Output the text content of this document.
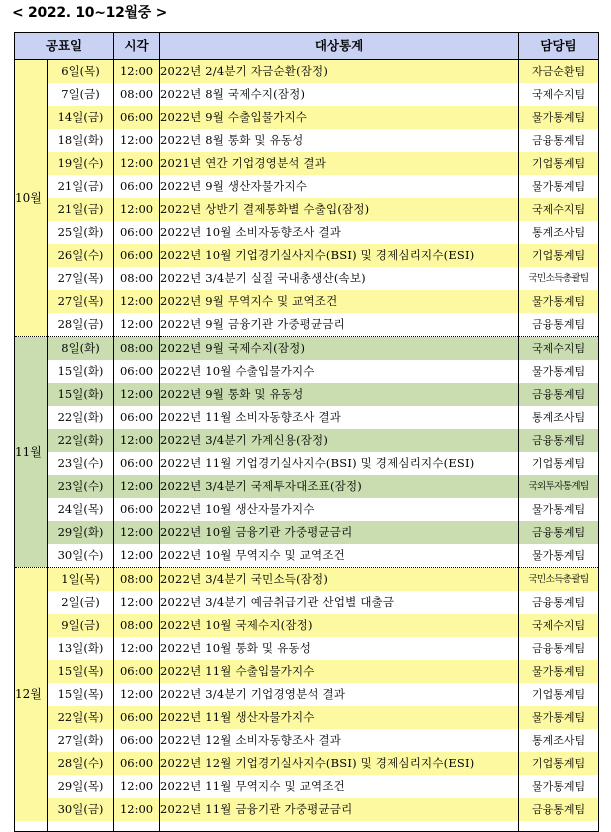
< 2022. 10~12월중 >
공표일		시각	대상통계	담당팀
10월	6일(목)	12:00	2022년 2/4분기 자금순환(잠정)	자금순환팀
	7일(금)	08:00	2022년 8월 국제수지(잠정)	국제수지팀
	14일(금)	06:00	2022년 9월 수출입물가지수	물가통계팀
	18일(화)	12:00	2022년 8월 통화 및 유동성	금융통계팀
	19일(수)	12:00	2021년 연간 기업경영분석 결과	기업통계팀
	21일(금)	06:00	2022년 9월 생산자물가지수	물가통계팀
	21일(금)	12:00	2022년 상반기 결제통화별 수출입(잠정)	국제수지팀
	25일(화)	06:00	2022년 10월 소비자동향조사 결과	통계조사팀
	26일(수)	06:00	2022년 10월 기업경기실사지수(BSI) 및 경제심리지수(ESI)	기업통계팀
	27일(목)	08:00	2022년 3/4분기 실질 국내총생산(속보)	국민소득총괄팀
	27일(목)	12:00	2022년 9월 무역지수 및 교역조건	물가통계팀
	28일(금)	12:00	2022년 9월 금융기관 가중평균금리	금융통계팀
11월	8일(화)	08:00	2022년 9월 국제수지(잠정)	국제수지팀
	15일(화)	06:00	2022년 10월 수출입물가지수	물가통계팀
	15일(화)	12:00	2022년 9월 통화 및 유동성	금융통계팀
	22일(화)	06:00	2022년 11월 소비자동향조사 결과	통계조사팀
	22일(화)	12:00	2022년 3/4분기 가계신용(잠정)	금융통계팀
	23일(수)	06:00	2022년 11월 기업경기실사지수(BSI) 및 경제심리지수(ESI)	기업통계팀
	23일(수)	12:00	2022년 3/4분기 국제투자대조표(잠정)	국외투자통계팀
	24일(목)	06:00	2022년 10월 생산자물가지수	물가통계팀
	29일(화)	12:00	2022년 10월 금융기관 가중평균금리	금융통계팀
	30일(수)	12:00	2022년 10월 무역지수 및 교역조건	물가통계팀
12월	1일(목)	08:00	2022년 3/4분기 국민소득(잠정)	국민소득총괄팀
	2일(금)	12:00	2022년 3/4분기 예금취급기관 산업별 대출금	금융통계팀
	9일(금)	08:00	2022년 10월 국제수지(잠정)	국제수지팀
	13일(화)	12:00	2022년 10월 통화 및 유동성	금융통계팀
	15일(목)	06:00	2022년 11월 수출입물가지수	물가통계팀
	15일(목)	12:00	2022년 3/4분기 기업경영분석 결과	기업통계팀
	22일(목)	06:00	2022년 11월 생산자물가지수	물가통계팀
	27일(화)	06:00	2022년 12월 소비자동향조사 결과	통계조사팀
	28일(수)	06:00	2022년 12월 기업경기실사지수(BSI) 및 경제심리지수(ESI)	기업통계팀
	29일(목)	12:00	2022년 11월 무역지수 및 교역조건	물가통계팀
	30일(금)	12:00	2022년 11월 금융기관 가중평균금리	금융통계팀
